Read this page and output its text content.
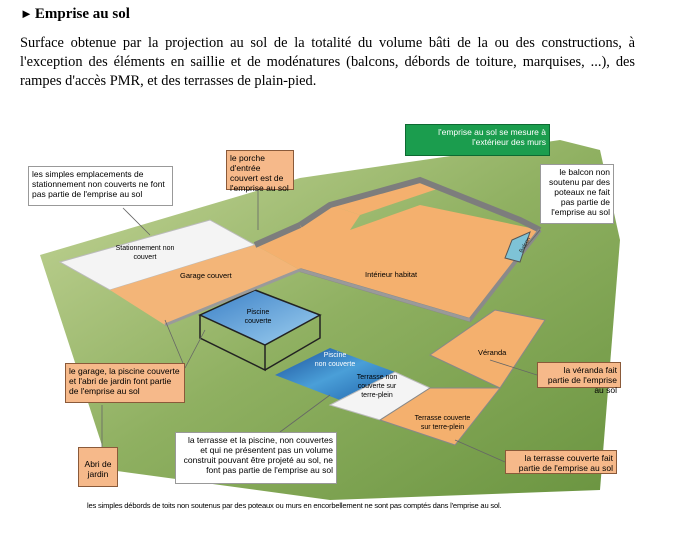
► Emprise au sol
Surface obtenue par la projection au sol de la totalité du volume bâti de la ou des constructions, à l'exception des éléments en saillie et de modénatures (balcons, débords de toiture, marquises, ...), des rampes d'accès PMR, et des terrasses de plain-pied.
Piscine
non couverte
Balcon
l'emprise au sol se mesure à l'extérieur des murs
le porche d'entrée couvert est de l'emprise au sol
les simples emplacements de stationnement non couverts ne font pas partie de l'emprise au sol
le balcon non soutenu par des poteaux ne fait pas partie de l'emprise au sol
le garage, la piscine couverte et l'abri de jardin font partie de l'emprise au sol
la véranda fait partie de l'emprise au sol
la terrasse couverte fait partie de l'emprise au sol
la terrasse et la piscine, non couvertes et qui ne présentent pas un volume construit pouvant être projeté au sol, ne font pas partie de l'emprise au sol
Abri de jardin
Stationnement non couvert
Garage couvert	Intérieur habitat
Piscine couverte
Terrasse non couverte sur terre-plein
Terrasse couverte sur terre-plein
Véranda
les simples débords de toits non soutenus par des poteaux ou murs en encorbellement ne sont pas comptés dans l'emprise au sol.
